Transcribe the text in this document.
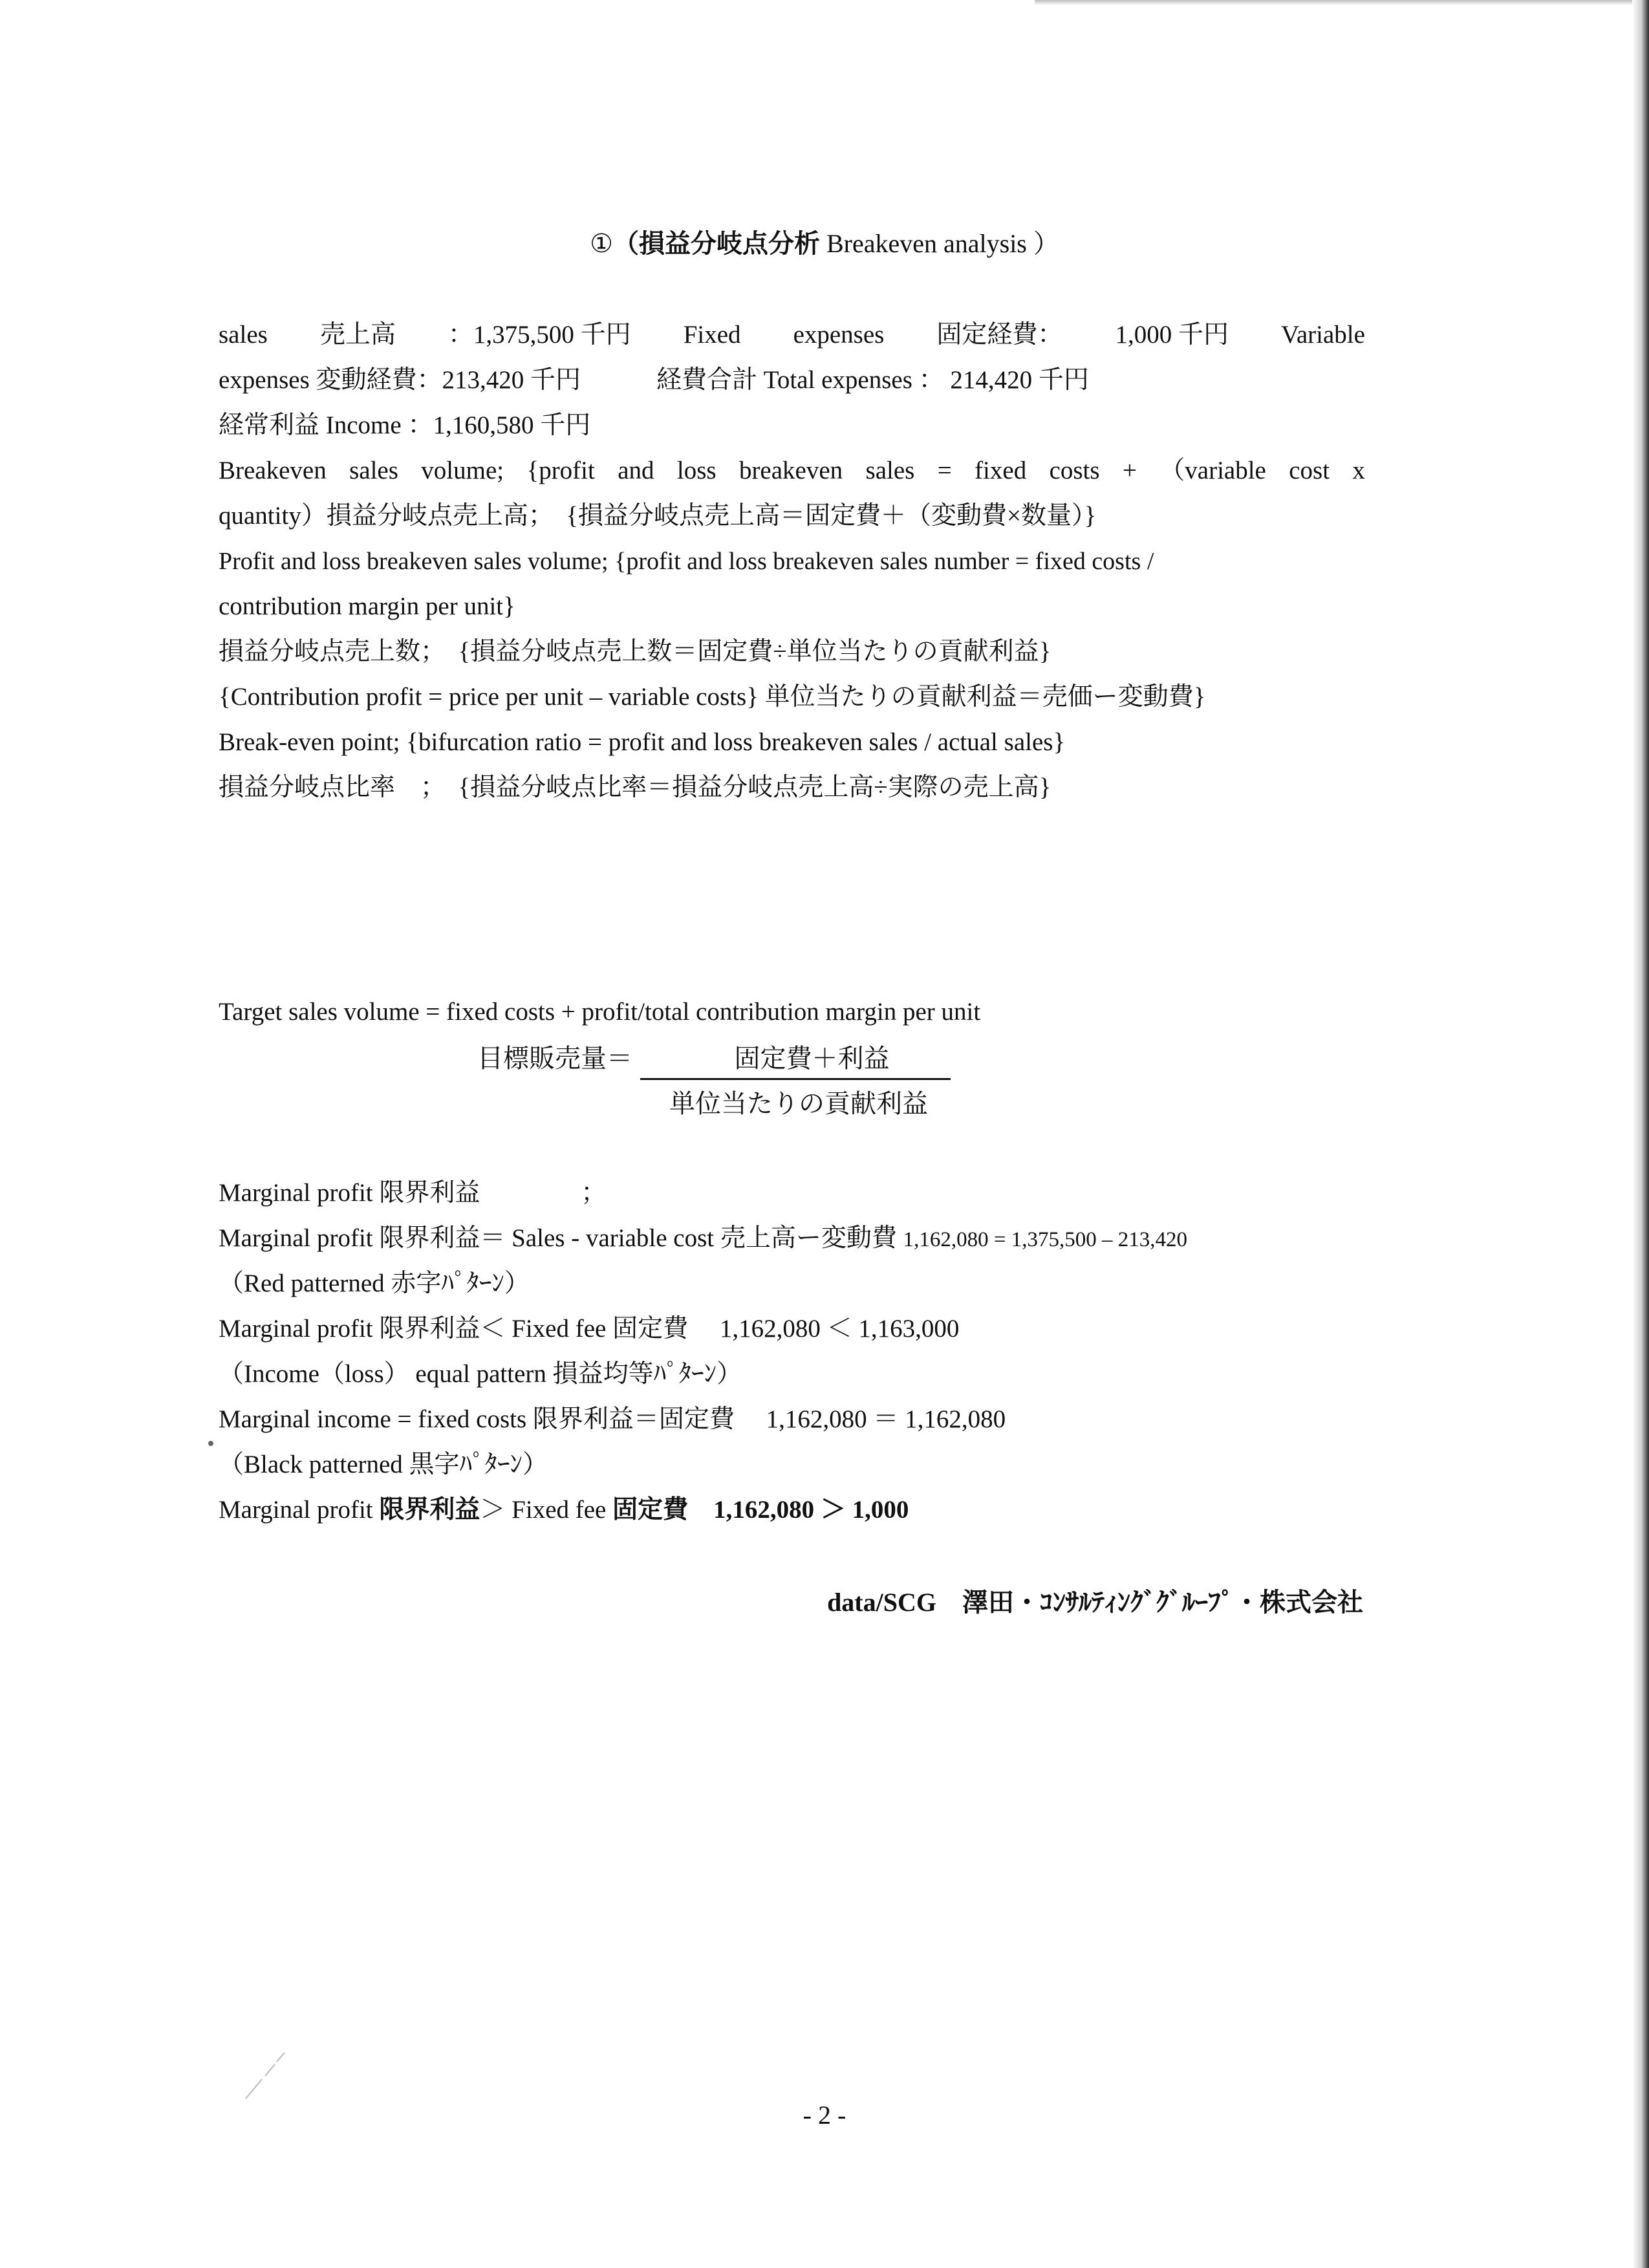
①（損益分岐点分析 Breakeven analysis ）
sales 売上高 ：1,375,500 千円 Fixed expenses 固定経費： 1,000 千円 Variable
expenses 変動経費：213,420 千円　　　経費合計 Total expenses ： 214,420 千円
経常利益 Income ：1,160,580 千円
Breakeven sales volume; {profit and loss breakeven sales = fixed costs + （variable cost x
quantity）損益分岐点売上高；　{損益分岐点売上高＝固定費＋（変動費×数量）}
Profit and loss breakeven sales volume; {profit and loss breakeven sales number = fixed costs /
contribution margin per unit}
損益分岐点売上数；　{損益分岐点売上数＝固定費÷単位当たりの貢献利益}
{Contribution profit = price per unit – variable costs} 単位当たりの貢献利益＝売価ー変動費}
Break-even point; {bifurcation ratio = profit and loss breakeven sales / actual sales}
損益分岐点比率　；　{損益分岐点比率＝損益分岐点売上高÷実際の売上高}
Target sales volume = fixed costs + profit/total contribution margin per unit
目標販売量＝	固定費＋利益
単位当たりの貢献利益
Marginal profit 限界利益　　　　；
Marginal profit 限界利益＝ Sales - variable cost 売上高ー変動費 1,162,080 = 1,375,500 – 213,420
（Red patterned 赤字ﾊﾟﾀｰﾝ）
Marginal profit 限界利益＜ Fixed fee 固定費　 1,162,080 ＜ 1,163,000
（Income（loss） equal pattern 損益均等ﾊﾟﾀｰﾝ）
Marginal income = fixed costs 限界利益＝固定費　 1,162,080 ＝ 1,162,080
（Black patterned 黒字ﾊﾟﾀｰﾝ）
Marginal profit 限界利益＞ Fixed fee 固定費　1,162,080 ＞ 1,000
data/SCG　澤田・ｺﾝｻﾙﾃｨﾝｸﾞｸﾞﾙｰﾌﾟ・株式会社
- 2 -
